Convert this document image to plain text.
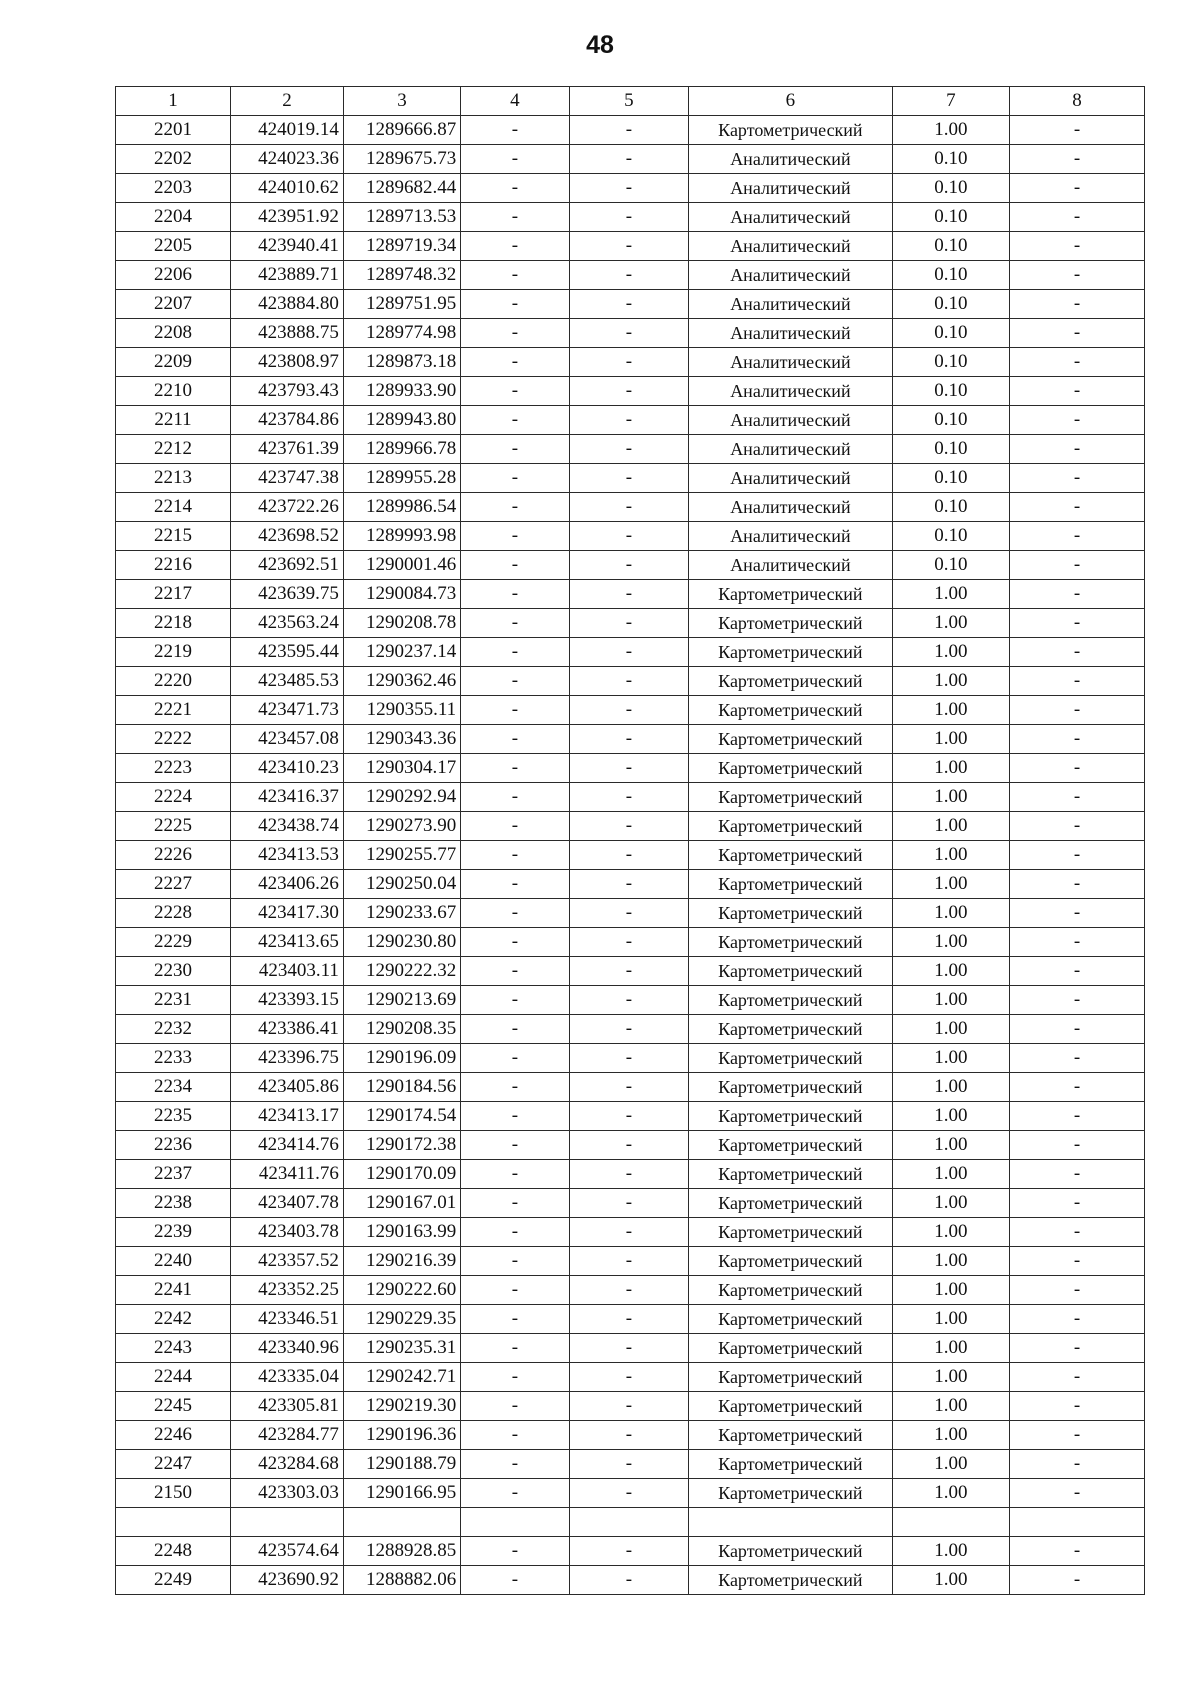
48
1	2	3	4	5	6	7	8
2201	424019.14	1289666.87	-	-	Картометрический	1.00	-
2202	424023.36	1289675.73	-	-	Аналитический	0.10	-
2203	424010.62	1289682.44	-	-	Аналитический	0.10	-
2204	423951.92	1289713.53	-	-	Аналитический	0.10	-
2205	423940.41	1289719.34	-	-	Аналитический	0.10	-
2206	423889.71	1289748.32	-	-	Аналитический	0.10	-
2207	423884.80	1289751.95	-	-	Аналитический	0.10	-
2208	423888.75	1289774.98	-	-	Аналитический	0.10	-
2209	423808.97	1289873.18	-	-	Аналитический	0.10	-
2210	423793.43	1289933.90	-	-	Аналитический	0.10	-
2211	423784.86	1289943.80	-	-	Аналитический	0.10	-
2212	423761.39	1289966.78	-	-	Аналитический	0.10	-
2213	423747.38	1289955.28	-	-	Аналитический	0.10	-
2214	423722.26	1289986.54	-	-	Аналитический	0.10	-
2215	423698.52	1289993.98	-	-	Аналитический	0.10	-
2216	423692.51	1290001.46	-	-	Аналитический	0.10	-
2217	423639.75	1290084.73	-	-	Картометрический	1.00	-
2218	423563.24	1290208.78	-	-	Картометрический	1.00	-
2219	423595.44	1290237.14	-	-	Картометрический	1.00	-
2220	423485.53	1290362.46	-	-	Картометрический	1.00	-
2221	423471.73	1290355.11	-	-	Картометрический	1.00	-
2222	423457.08	1290343.36	-	-	Картометрический	1.00	-
2223	423410.23	1290304.17	-	-	Картометрический	1.00	-
2224	423416.37	1290292.94	-	-	Картометрический	1.00	-
2225	423438.74	1290273.90	-	-	Картометрический	1.00	-
2226	423413.53	1290255.77	-	-	Картометрический	1.00	-
2227	423406.26	1290250.04	-	-	Картометрический	1.00	-
2228	423417.30	1290233.67	-	-	Картометрический	1.00	-
2229	423413.65	1290230.80	-	-	Картометрический	1.00	-
2230	423403.11	1290222.32	-	-	Картометрический	1.00	-
2231	423393.15	1290213.69	-	-	Картометрический	1.00	-
2232	423386.41	1290208.35	-	-	Картометрический	1.00	-
2233	423396.75	1290196.09	-	-	Картометрический	1.00	-
2234	423405.86	1290184.56	-	-	Картометрический	1.00	-
2235	423413.17	1290174.54	-	-	Картометрический	1.00	-
2236	423414.76	1290172.38	-	-	Картометрический	1.00	-
2237	423411.76	1290170.09	-	-	Картометрический	1.00	-
2238	423407.78	1290167.01	-	-	Картометрический	1.00	-
2239	423403.78	1290163.99	-	-	Картометрический	1.00	-
2240	423357.52	1290216.39	-	-	Картометрический	1.00	-
2241	423352.25	1290222.60	-	-	Картометрический	1.00	-
2242	423346.51	1290229.35	-	-	Картометрический	1.00	-
2243	423340.96	1290235.31	-	-	Картометрический	1.00	-
2244	423335.04	1290242.71	-	-	Картометрический	1.00	-
2245	423305.81	1290219.30	-	-	Картометрический	1.00	-
2246	423284.77	1290196.36	-	-	Картометрический	1.00	-
2247	423284.68	1290188.79	-	-	Картометрический	1.00	-
2150	423303.03	1290166.95	-	-	Картометрический	1.00	-

2248	423574.64	1288928.85	-	-	Картометрический	1.00	-
2249	423690.92	1288882.06	-	-	Картометрический	1.00	-
